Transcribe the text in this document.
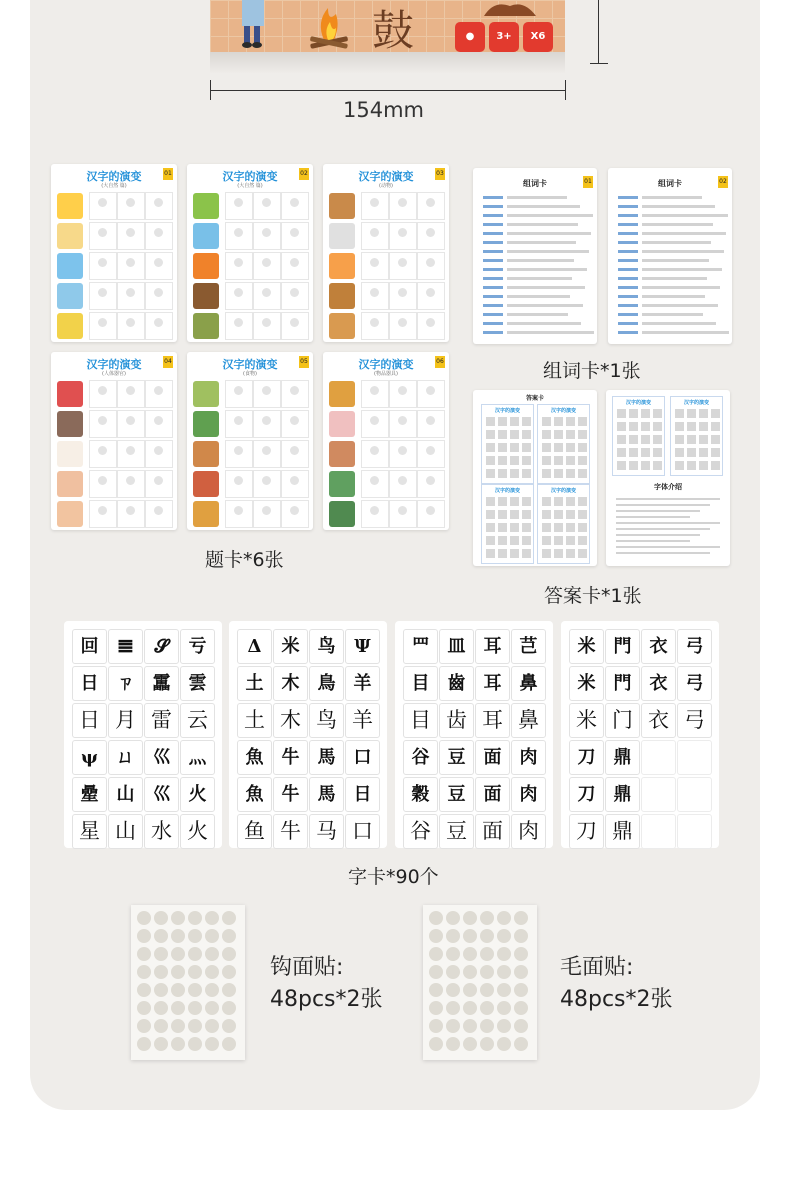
鼓	●	3+	X6
154mm
汉字的演变
(大自然 篇)
01	汉字的演变
(大自然 篇)
02	汉字的演变
(动物)
03
汉字的演变
(人体器官)
04	汉字的演变
(食物)
05	汉字的演变
(物品器具)
06
题卡*6张
组词卡	01	组词卡	02
组词卡*1张
答案卡
汉字的演变	汉字的演变
汉字的演变	汉字的演变
汉字的演变	汉字的演变
字体介绍
答案卡*1张
回	𝌆	𝓢	亏
日	ㄗ	靁	雲
日 月 雷 云
ψ	ㄩ	巛	灬
曐	山	巛	火
星 山 水 火
Δ	米	鸟	Ψ
土	木	鳥	羊
土 木 鸟 羊
魚	牛	馬	口
魚	牛	馬	日
鱼 牛 马 口
罒	皿	耳	芑
目	齒	耳	鼻
目 齿 耳 鼻
谷	豆	面	肉
穀	豆	面	肉
谷 豆 面 肉
米	門	衣	弓
米	門	衣	弓
米 门 衣 弓
刀	鼎
刀	鼎
刀 鼎
字卡*90个
钩面贴:
48pcs*2张
毛面贴:
48pcs*2张
